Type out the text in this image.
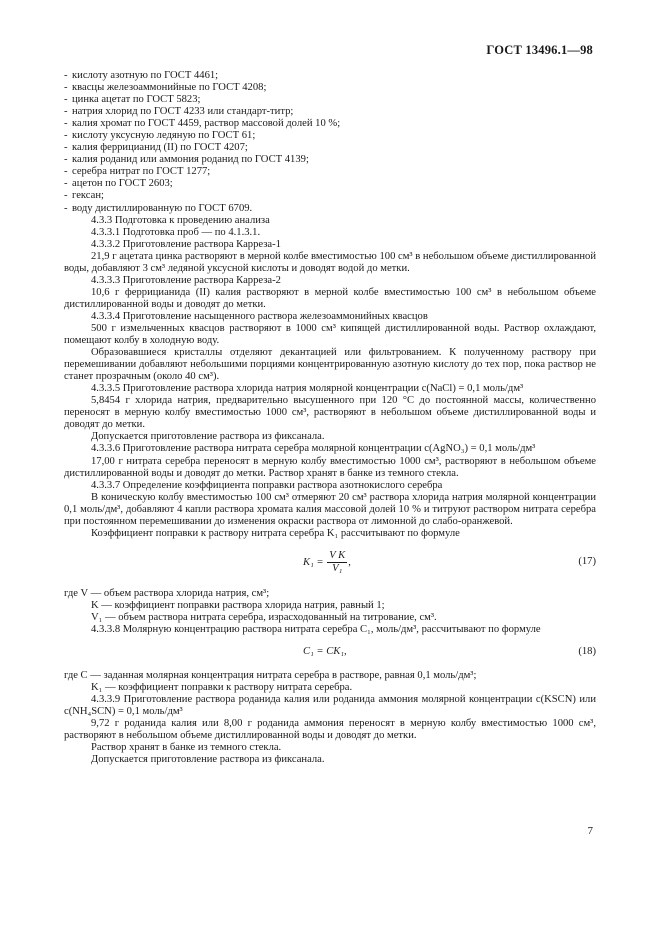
ГОСТ 13496.1—98

- кислоту азотную по ГОСТ 4461;

- квасцы железоаммонийные по ГОСТ 4208;

- цинка ацетат по ГОСТ 5823;

- натрия хлорид по ГОСТ 4233 или стандарт-титр;

- калия хромат по ГОСТ 4459, раствор массовой долей 10 %;

- кислоту уксусную ледяную по ГОСТ 61;

- калия феррицианид (II) по ГОСТ 4207;

- калия роданид или аммония роданид по ГОСТ 4139;

- серебра нитрат по ГОСТ 1277;

- ацетон по ГОСТ 2603;

- гексан;

- воду дистиллированную по ГОСТ 6709.

4.3.3 Подготовка к проведению анализа

4.3.3.1 Подготовка проб — по 4.1.3.1.

4.3.3.2 Приготовление раствора Карреза-1

21,9 г ацетата цинка растворяют в мерной колбе вместимостью 100 см³ в небольшом объеме дистиллированной воды, добавляют 3 см³ ледяной уксусной кислоты и доводят водой до метки.

4.3.3.3 Приготовление раствора Карреза-2

10,6 г феррицианида (II) калия растворяют в мерной колбе вместимостью 100 см³ в небольшом объеме дистиллированной воды и доводят до метки.

4.3.3.4 Приготовление насыщенного раствора железоаммонийных квасцов

500 г измельченных квасцов растворяют в 1000 см³ кипящей дистиллированной воды. Раствор охлаждают, помещают колбу в холодную воду.

Образовавшиеся кристаллы отделяют декантацией или фильтрованием. К полученному раствору при перемешивании добавляют небольшими порциями концентрированную азотную кислоту до тех пор, пока раствор не станет прозрачным (около 40 см³).

4.3.3.5 Приготовление раствора хлорида натрия молярной концентрации с(NaCl) = 0,1 моль/дм³

5,8454 г хлорида натрия, предварительно высушенного при 120 °С до постоянной массы, количественно переносят в мерную колбу вместимостью 1000 см³, растворяют в небольшом объеме дистиллированной воды и доводят до метки.

Допускается приготовление раствора из фиксанала.

4.3.3.6 Приготовление раствора нитрата серебра молярной концентрации с(AgNO₃) = 0,1 моль/дм³

17,00 г нитрата серебра переносят в мерную колбу вместимостью 1000 см³, растворяют в небольшом объеме дистиллированной воды и доводят до метки. Раствор хранят в банке из темного стекла.

4.3.3.7 Определение коэффициента поправки раствора азотнокислого серебра

В коническую колбу вместимостью 100 см³ отмеряют 20 см³ раствора хлорида натрия молярной концентрации 0,1 моль/дм³, добавляют 4 капли раствора хромата калия массовой долей 10 % и титруют раствором нитрата серебра при постоянном перемешивании до изменения окраски раствора от лимонной до слабо-оранжевой.

Коэффициент поправки к раствору нитрата серебра K₁ рассчитывают по формуле

$K_1 = \frac{\text{V K}}{\text{V₁}}$ ,	(17)

где V — объем раствора хлорида натрия, см³;

K — коэффициент поправки раствора хлорида натрия, равный 1;

V₁ — объем раствора нитрата серебра, израсходованный на титрование, см³.

4.3.3.8 Молярную концентрацию раствора нитрата серебра C₁, моль/дм³, рассчитывают по формуле

C₁ = CK₁,	(18)

где C — заданная молярная концентрация нитрата серебра в растворе, равная 0,1 моль/дм³;

K₁ — коэффициент поправки к раствору нитрата серебра.

4.3.3.9 Приготовление раствора роданида калия или роданида аммония молярной концентрации с(KSCN) или с(NH₄SCN) = 0,1 моль/дм³

9,72 г роданида калия или 8,00 г роданида аммония переносят в мерную колбу вместимостью 1000 см³, растворяют в небольшом объеме дистиллированной воды и доводят до метки.

Раствор хранят в банке из темного стекла.

Допускается приготовление раствора из фиксанала.

7
